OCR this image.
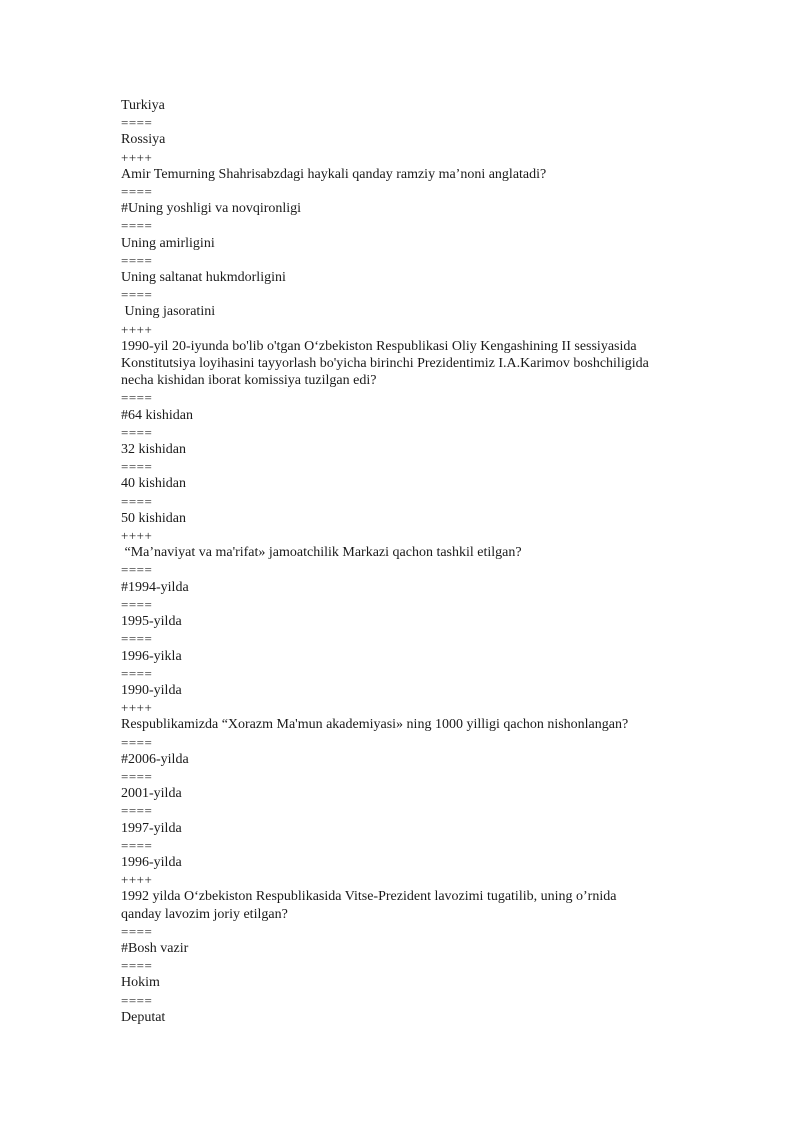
Turkiya
====
Rossiya
++++
Amir Temurning Shahrisabzdagi haykali qanday ramziy ma’noni anglatadi?
====
#Uning yoshligi va novqironligi
====
Uning amirligini
====
Uning saltanat hukmdorligini
====
Uning jasoratini
++++
1990-yil 20-iyunda bo'lib o'tgan O‘zbekiston Respublikasi Oliy Kengashining II sessiyasida
Konstitutsiya loyihasini tayyorlash bo'yicha birinchi Prezidentimiz I.A.Karimov boshchiligida
necha kishidan iborat komissiya tuzilgan edi?
====
#64 kishidan
====
32 kishidan
====
40 kishidan
====
50 kishidan
++++
“Ma’naviyat va ma'rifat» jamoatchilik Markazi qachon tashkil etilgan?
====
#1994-yilda
====
1995-yilda
====
1996-yikla
====
1990-yilda
++++
Respublikamizda “Xorazm Ma'mun akademiyasi» ning 1000 yilligi qachon nishonlangan?
====
#2006-yilda
====
2001-yilda
====
1997-yilda
====
1996-yilda
++++
1992 yilda O‘zbekiston Respublikasida Vitse-Prezident lavozimi tugatilib, uning o’rnida
qanday lavozim joriy etilgan?
====
#Bosh vazir
====
Hokim
====
Deputat
